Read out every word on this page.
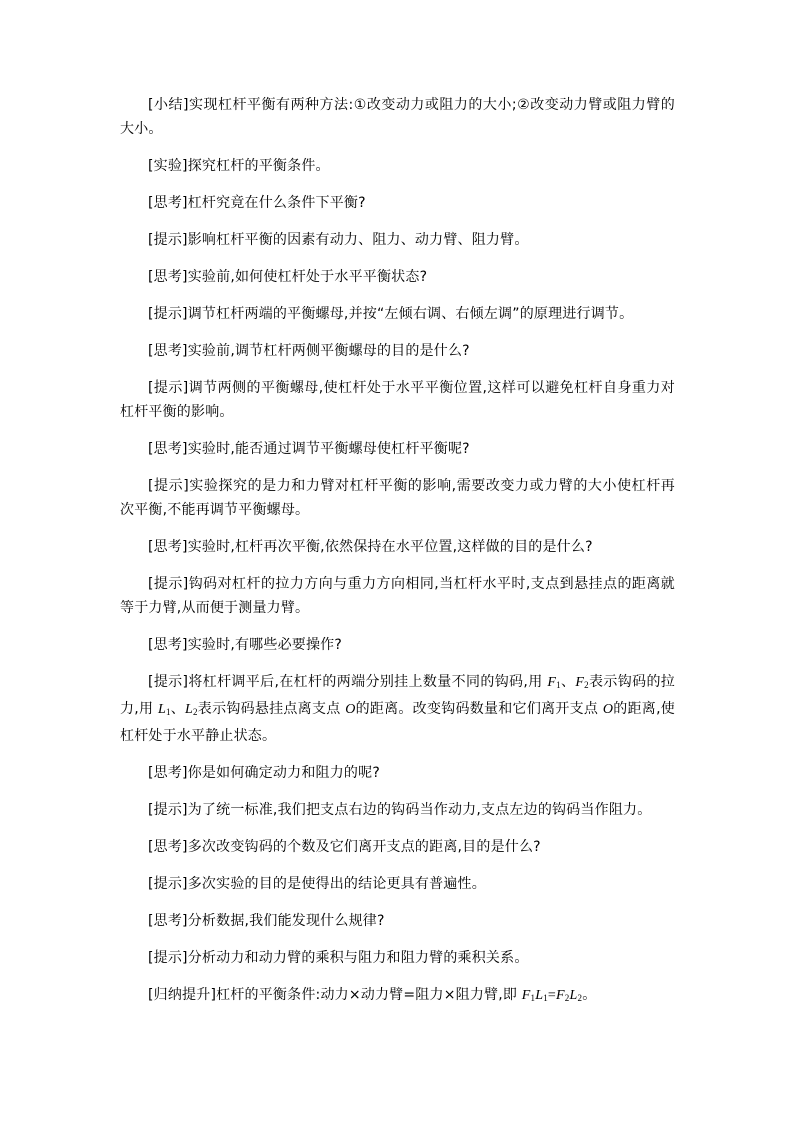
[小结]实现杠杆平衡有两种方法:①改变动力或阻力的大小;②改变动力臂或阻力臂的大小。

[实验]探究杠杆的平衡条件。

[思考]杠杆究竟在什么条件下平衡?

[提示]影响杠杆平衡的因素有动力、阻力、动力臂、阻力臂。

[思考]实验前,如何使杠杆处于水平平衡状态?

[提示]调节杠杆两端的平衡螺母,并按“左倾右调、右倾左调”的原理进行调节。

[思考]实验前,调节杠杆两侧平衡螺母的目的是什么?

[提示]调节两侧的平衡螺母,使杠杆处于水平平衡位置,这样可以避免杠杆自身重力对杠杆平衡的影响。

[思考]实验时,能否通过调节平衡螺母使杠杆平衡呢?

[提示]实验探究的是力和力臂对杠杆平衡的影响,需要改变力或力臂的大小使杠杆再次平衡,不能再调节平衡螺母。

[思考]实验时,杠杆再次平衡,依然保持在水平位置,这样做的目的是什么?

[提示]钩码对杠杆的拉力方向与重力方向相同,当杠杆水平时,支点到悬挂点的距离就等于力臂,从而便于测量力臂。

[思考]实验时,有哪些必要操作?

[提示]将杠杆调平后,在杠杆的两端分别挂上数量不同的钩码,用 $F_1$、$F_2$表示钩码的拉力,用 $L_1$、$L_2$表示钩码悬挂点离支点 O的距离。改变钩码数量和它们离开支点 O的距离,使杠杆处于水平静止状态。

[思考]你是如何确定动力和阻力的呢?

[提示]为了统一标准,我们把支点右边的钩码当作动力,支点左边的钩码当作阻力。

[思考]多次改变钩码的个数及它们离开支点的距离,目的是什么?

[提示]多次实验的目的是使得出的结论更具有普遍性。

[思考]分析数据,我们能发现什么规律?

[提示]分析动力和动力臂的乘积与阻力和阻力臂的乘积关系。

[归纳提升]杠杆的平衡条件:动力×动力臂=阻力×阻力臂,即 $F_1L_1=F_2L_2$。
